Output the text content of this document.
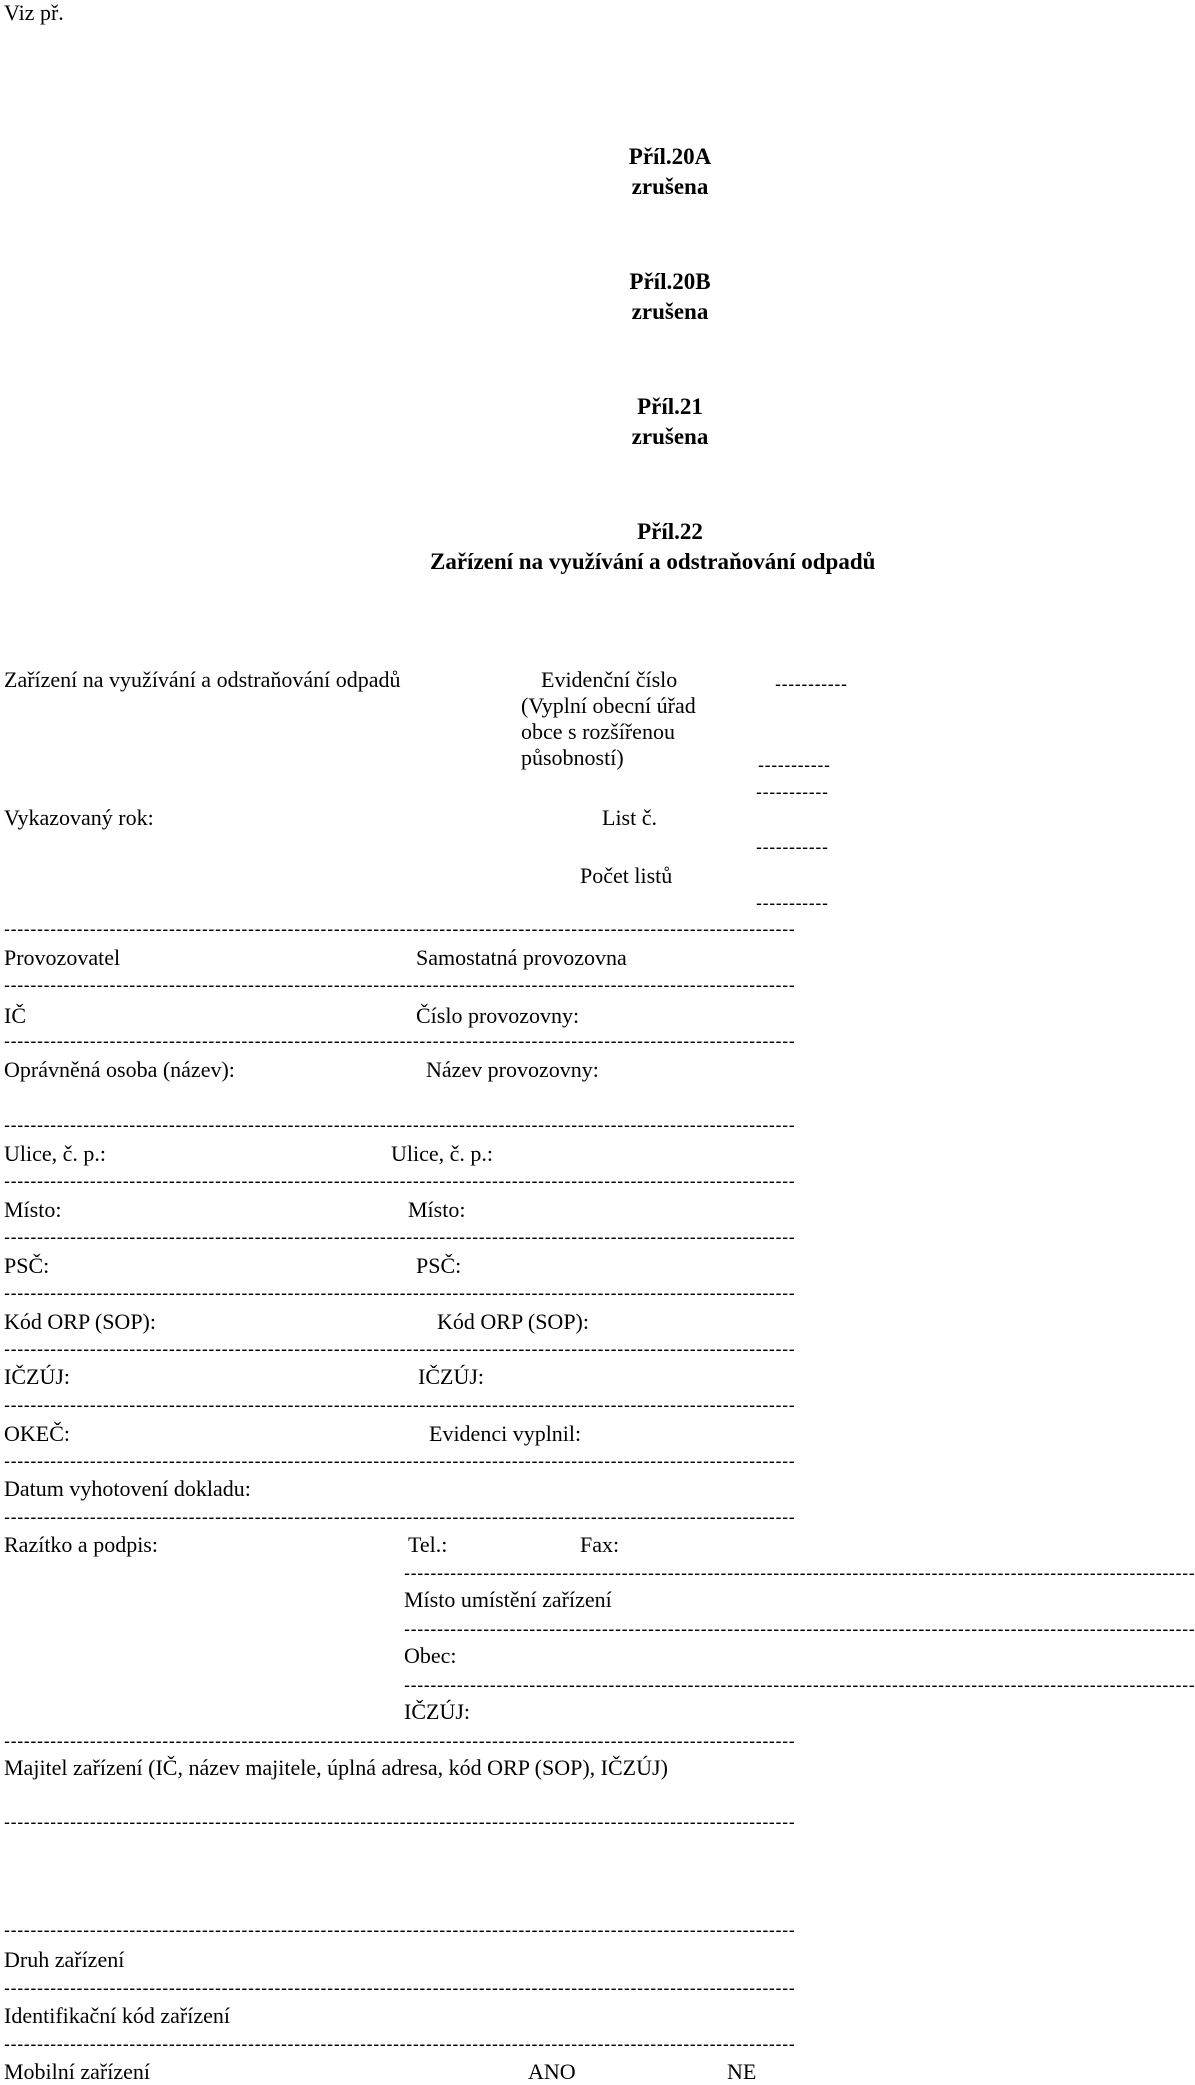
Viz př.
Příl.20A
zrušena
Příl.20B
zrušena
Příl.21
zrušena
Příl.22
Zařízení na využívání a odstraňování odpadů
Zařízení na využívání a odstraňování odpadů	Evidenční číslo	-----------
(Vyplní obecní úřad
obce s rozšířenou
působností)	-----------
-----------
Vykazovaný rok:	List č.
-----------
Počet listů
-----------
------------------------------------------------------------------------------------------------------------------------
Provozovatel	Samostatná provozovna
------------------------------------------------------------------------------------------------------------------------
IČ	Číslo provozovny:
------------------------------------------------------------------------------------------------------------------------
Oprávněná osoba (název):	Název provozovny:
------------------------------------------------------------------------------------------------------------------------
Ulice, č. p.:	Ulice, č. p.:
------------------------------------------------------------------------------------------------------------------------
Místo:	Místo:
------------------------------------------------------------------------------------------------------------------------
PSČ:	PSČ:
------------------------------------------------------------------------------------------------------------------------
Kód ORP (SOP):	Kód ORP (SOP):
------------------------------------------------------------------------------------------------------------------------
IČZÚJ:	IČZÚJ:
------------------------------------------------------------------------------------------------------------------------
OKEČ:	Evidenci vyplnil:
------------------------------------------------------------------------------------------------------------------------
Datum vyhotovení dokladu:
------------------------------------------------------------------------------------------------------------------------
Razítko a podpis:	Tel.:	Fax:
------------------------------------------------------------------------------------------------------------------------
Místo umístění zařízení
------------------------------------------------------------------------------------------------------------------------
Obec:
------------------------------------------------------------------------------------------------------------------------
IČZÚJ:
------------------------------------------------------------------------------------------------------------------------
Majitel zařízení (IČ, název majitele, úplná adresa, kód ORP (SOP), IČZÚJ)
------------------------------------------------------------------------------------------------------------------------
------------------------------------------------------------------------------------------------------------------------
Druh zařízení
------------------------------------------------------------------------------------------------------------------------
Identifikační kód zařízení
------------------------------------------------------------------------------------------------------------------------
Mobilní zařízení	ANO	NE
